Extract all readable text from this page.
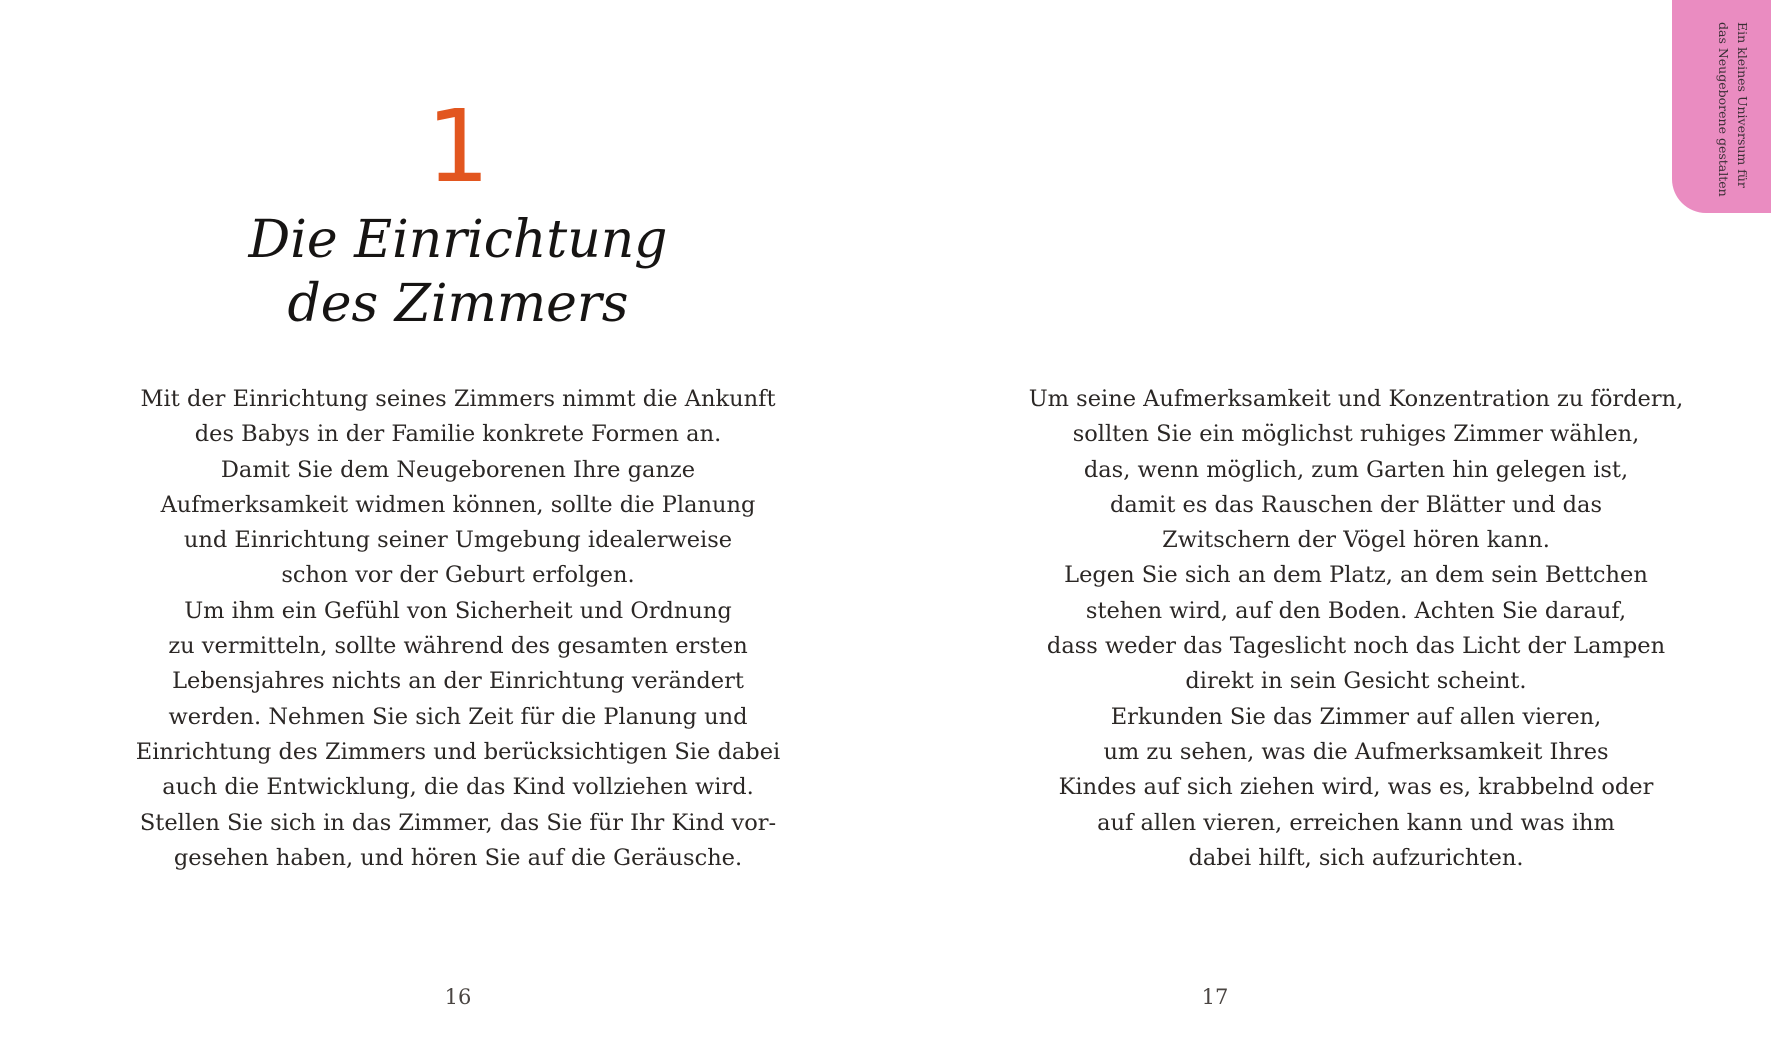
1
Die Einrichtung
des Zimmers

Mit der Einrichtung seines Zimmers nimmt die Ankunft
des Babys in der Familie konkrete Formen an.
Damit Sie dem Neugeborenen Ihre ganze
Aufmerksamkeit widmen können, sollte die Planung
und Einrichtung seiner Umgebung idealerweise
schon vor der Geburt erfolgen.
Um ihm ein Gefühl von Sicherheit und Ordnung
zu vermitteln, sollte während des gesamten ersten
Lebensjahres nichts an der Einrichtung verändert
werden. Nehmen Sie sich Zeit für die Planung und
Einrichtung des Zimmers und berücksichtigen Sie dabei
auch die Entwicklung, die das Kind vollziehen wird.
Stellen Sie sich in das Zimmer, das Sie für Ihr Kind vor-
gesehen haben, und hören Sie auf die Geräusche.

16

Um seine Aufmerksamkeit und Konzentration zu fördern,
sollten Sie ein möglichst ruhiges Zimmer wählen,
das, wenn möglich, zum Garten hin gelegen ist,
damit es das Rauschen der Blätter und das
Zwitschern der Vögel hören kann.
Legen Sie sich an dem Platz, an dem sein Bettchen
stehen wird, auf den Boden. Achten Sie darauf,
dass weder das Tageslicht noch das Licht der Lampen
direkt in sein Gesicht scheint.
Erkunden Sie das Zimmer auf allen vieren,
um zu sehen, was die Aufmerksamkeit Ihres
Kindes auf sich ziehen wird, was es, krabbelnd oder
auf allen vieren, erreichen kann und was ihm
dabei hilft, sich aufzurichten.

17
Ein kleines Universum für
das Neugeborene gestalten
